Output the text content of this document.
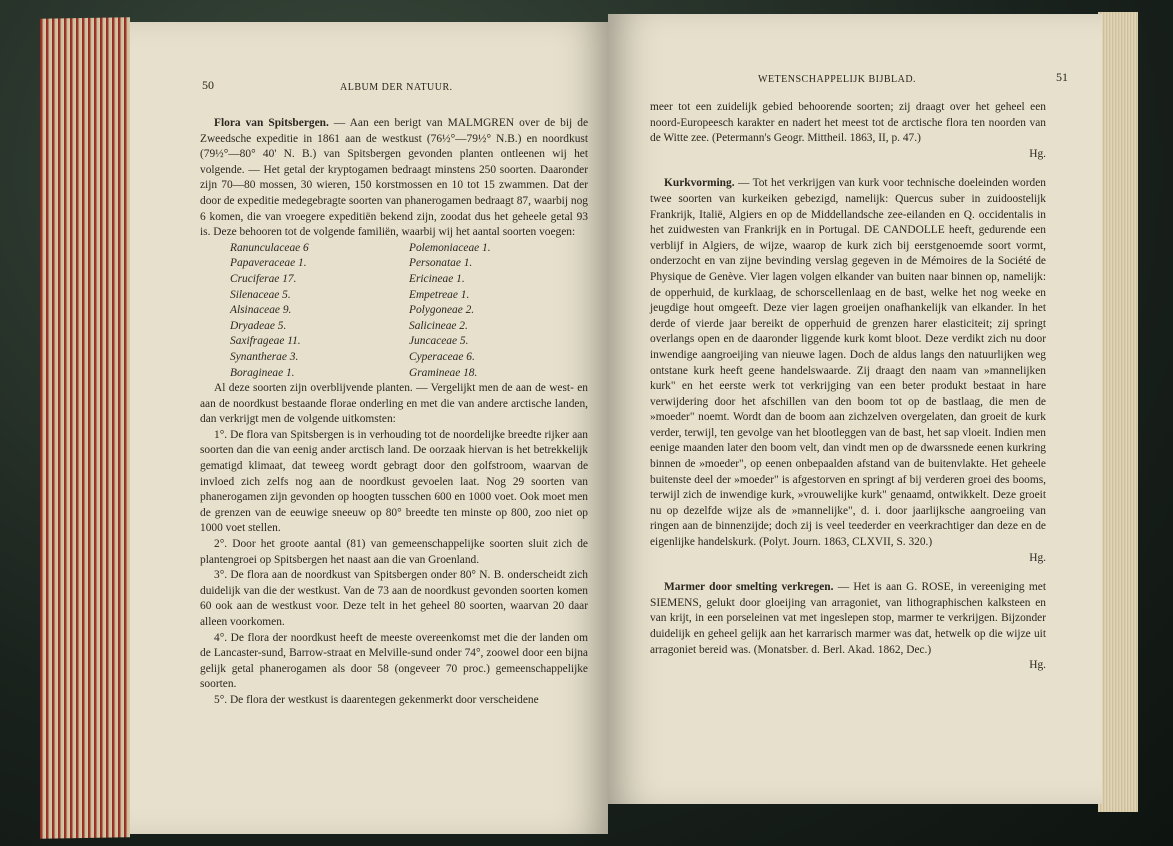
50	ALBUM DER NATUUR.

Flora van Spitsbergen. — Aan een berigt van MALMGREN over de bij de Zweedsche expeditie in 1861 aan de westkust (76½°—79½° N.B.) en noordkust (79½°—80° 40' N. B.) van Spitsbergen gevonden planten ontleenen wij het volgende. — Het getal der kryptogamen bedraagt minstens 250 soorten. Daaronder zijn 70—80 mossen, 30 wieren, 150 korstmossen en 10 tot 15 zwammen. Dat der door de expeditie medegebragte soorten van phanerogamen bedraagt 87, waarbij nog 6 komen, die van vroegere expeditiën bekend zijn, zoodat dus het geheele getal 93 is. Deze behooren tot de volgende familiën, waarbij wij het aantal soorten voegen:

Ranunculaceae 6
Papaveraceae 1.
Cruciferae 17.
Silenaceae 5.
Alsinaceae 9.
Dryadeae 5.
Saxifrageae 11.
Synantherae 3.
Boragineae 1.
Polemoniaceae 1.
Personatae 1.
Ericineae 1.
Empetreae 1.
Polygoneae 2.
Salicineae 2.
Juncaceae 5.
Cyperaceae 6.
Gramineae 18.

Al deze soorten zijn overblijvende planten. — Vergelijkt men de aan de west- en aan de noordkust bestaande florae onderling en met die van andere arctische landen, dan verkrijgt men de volgende uitkomsten:

1°. De flora van Spitsbergen is in verhouding tot de noordelijke breedte rijker aan soorten dan die van eenig ander arctisch land. De oorzaak hiervan is het betrekkelijk gematigd klimaat, dat teweeg wordt gebragt door den golfstroom, waarvan de invloed zich zelfs nog aan de noordkust gevoelen laat. Nog 29 soorten van phanerogamen zijn gevonden op hoogten tusschen 600 en 1000 voet. Ook moet men de grenzen van de eeuwige sneeuw op 80° breedte ten minste op 800, zoo niet op 1000 voet stellen.

2°. Door het groote aantal (81) van gemeenschappelijke soorten sluit zich de plantengroei op Spitsbergen het naast aan die van Groenland.

3°. De flora aan de noordkust van Spitsbergen onder 80° N. B. onderscheidt zich duidelijk van die der westkust. Van de 73 aan de noordkust gevonden soorten komen 60 ook aan de westkust voor. Deze telt in het geheel 80 soorten, waarvan 20 daar alleen voorkomen.

4°. De flora der noordkust heeft de meeste overeenkomst met die der landen om de Lancaster-sund, Barrow-straat en Melville-sund onder 74°, zoowel door een bijna gelijk getal phanerogamen als door 58 (ongeveer 70 proc.) gemeenschappelijke soorten.

5°. De flora der westkust is daarentegen gekenmerkt door verscheidene

WETENSCHAPPELIJK BIJBLAD.	51

meer tot een zuidelijk gebied behoorende soorten; zij draagt over het geheel een noord-Europeesch karakter en nadert het meest tot de arctische flora ten noorden van de Witte zee. (Petermann's Geogr. Mittheil. 1863, II, p. 47.)

Hg.

Kurkvorming. — Tot het verkrijgen van kurk voor technische doeleinden worden twee soorten van kurkeiken gebezigd, namelijk: Quercus suber in zuidoostelijk Frankrijk, Italië, Algiers en op de Middellandsche zee-eilanden en Q. occidentalis in het zuidwesten van Frankrijk en in Portugal. DE CANDOLLE heeft, gedurende een verblijf in Algiers, de wijze, waarop de kurk zich bij eerstgenoemde soort vormt, onderzocht en van zijne bevinding verslag gegeven in de Mémoires de la Société de Physique de Genève. Vier lagen volgen elkander van buiten naar binnen op, namelijk: de opperhuid, de kurklaag, de schorscellenlaag en de bast, welke het nog weeke en jeugdige hout omgeeft. Deze vier lagen groeijen onafhankelijk van elkander. In het derde of vierde jaar bereikt de opperhuid de grenzen harer elasticiteit; zij springt overlangs open en de daaronder liggende kurk komt bloot. Deze verdikt zich nu door inwendige aangroeijing van nieuwe lagen. Doch de aldus langs den natuurlijken weg ontstane kurk heeft geene handelswaarde. Zij draagt den naam van »mannelijken kurk" en het eerste werk tot verkrijging van een beter produkt bestaat in hare verwijdering door het afschillen van den boom tot op de bastlaag, die men de »moeder" noemt. Wordt dan de boom aan zichzelven overgelaten, dan groeit de kurk verder, terwijl, ten gevolge van het blootleggen van de bast, het sap vloeit. Indien men eenige maanden later den boom velt, dan vindt men op de dwarssnede eenen kurkring binnen de »moeder", op eenen onbepaalden afstand van de buitenvlakte. Het geheele buitenste deel der »moeder" is afgestorven en springt af bij verderen groei des booms, terwijl zich de inwendige kurk, »vrouwelijke kurk" genaamd, ontwikkelt. Deze groeit nu op dezelfde wijze als de »mannelijke", d. i. door jaarlijksche aangroeiing van ringen aan de binnenzijde; doch zij is veel teederder en veerkrachtiger dan deze en de eigenlijke handelskurk. (Polyt. Journ. 1863, CLXVII, S. 320.)

Hg.

Marmer door smelting verkregen. — Het is aan G. ROSE, in vereeniging met SIEMENS, gelukt door gloeijing van arragoniet, van lithographischen kalksteen en van krijt, in een porseleinen vat met ingeslepen stop, marmer te verkrijgen. Bijzonder duidelijk en geheel gelijk aan het karrarisch marmer was dat, hetwelk op die wijze uit arragoniet bereid was. (Monatsber. d. Berl. Akad. 1862, Dec.)

Hg.
